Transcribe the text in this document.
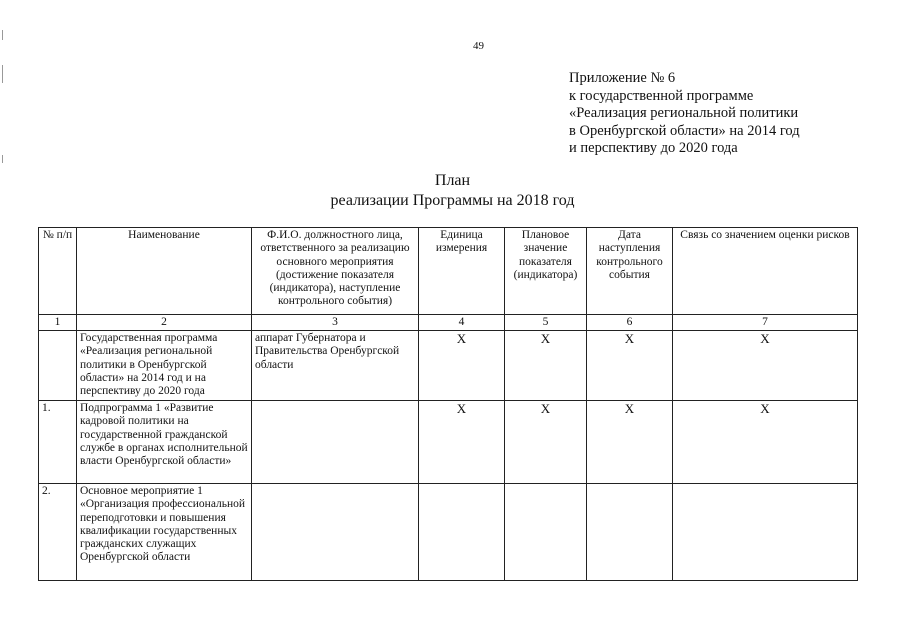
49
Приложение № 6
к государственной программе
«Реализация региональной политики
в Оренбургской области» на 2014 год
и перспективу до 2020 года
План
реализации Программы на 2018 год
№ п/п	Наименование	Ф.И.О. должностного лица, ответственного за реализацию основного мероприятия (достижение показателя (индикатора), наступление контрольного события)	Единица измерения	Плановое значение показателя (индикатора)	Дата наступления контрольного события	Связь со значением оценки рисков
1	2	3	4	5	6	7
	Государственная программа «Реализация региональной политики в Оренбургской области» на 2014 год и на перспективу до 2020 года	аппарат Губернатора и Правительства Оренбургской области	Х	Х	Х	Х
1.	Подпрограмма 1 «Развитие кадровой политики на государственной гражданской службе в органах исполнительной власти Оренбургской области»		Х	Х	Х	Х
2.	Основное мероприятие 1 «Организация профессиональной переподготовки и повышения квалификации государственных гражданских служащих Оренбургской области					
